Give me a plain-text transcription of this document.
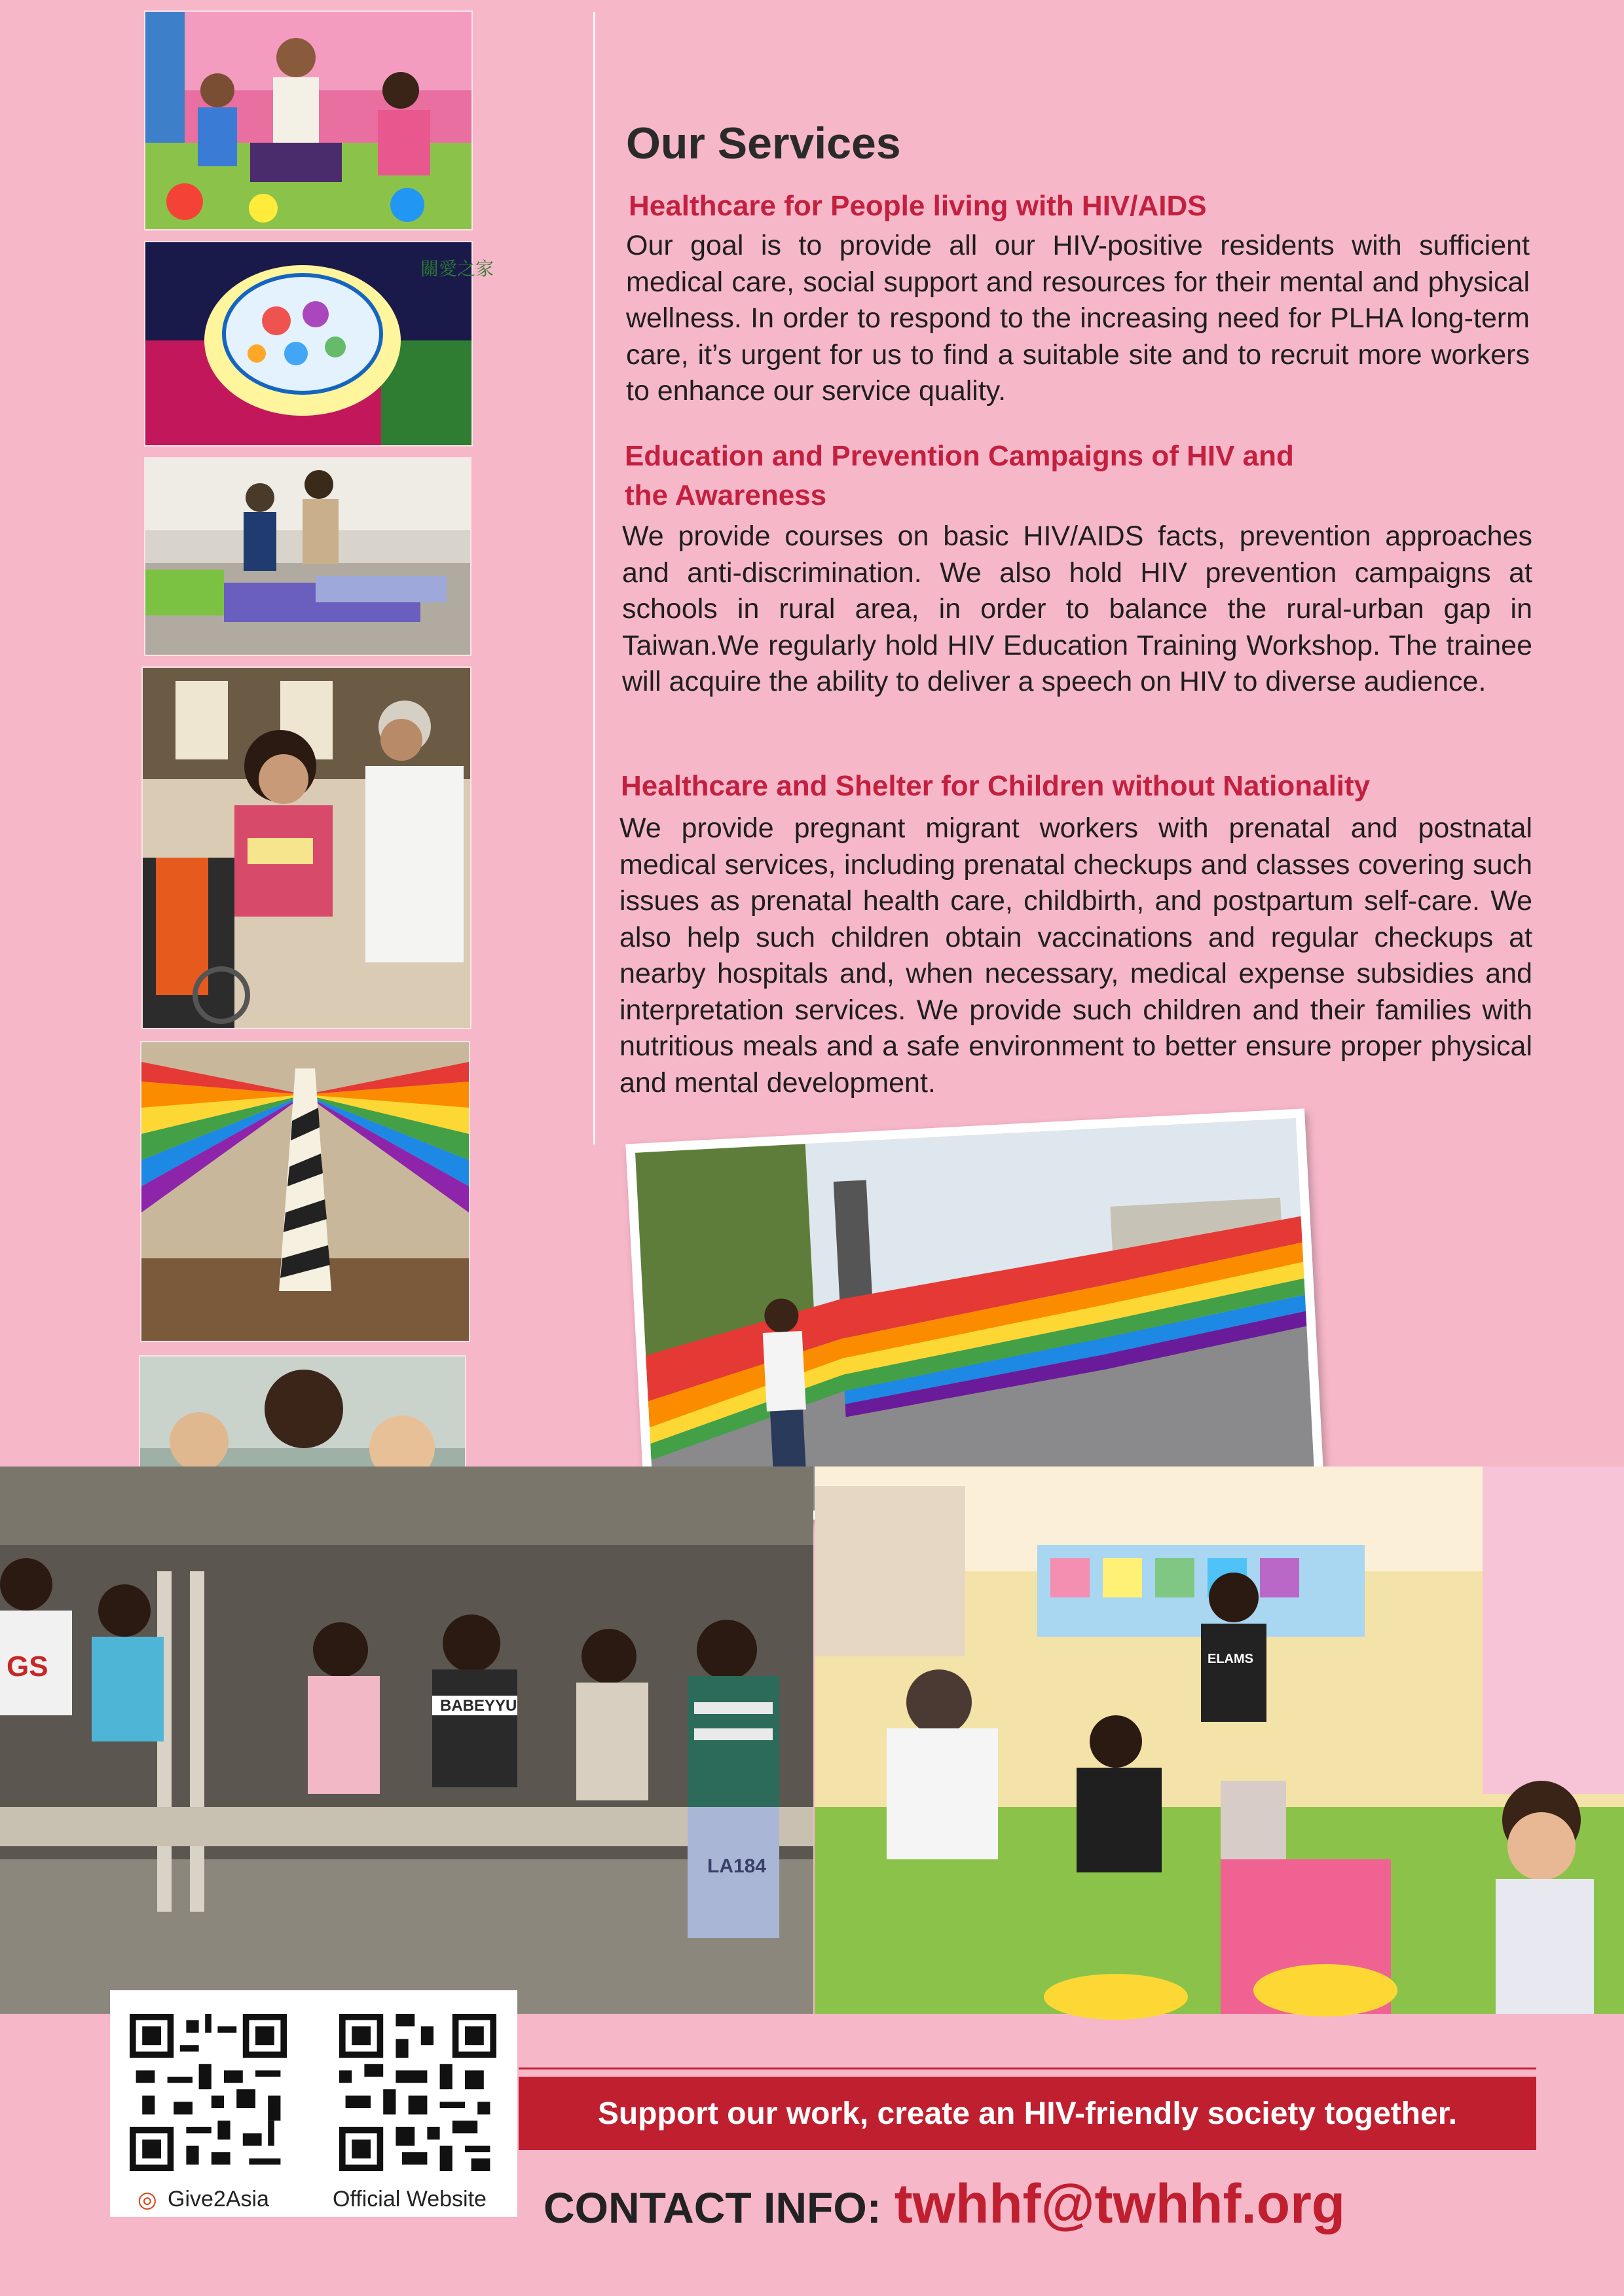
關愛之家
GS
BABEYYU
LA184
ELAMS
Our Services
Healthcare for People living with HIV/AIDS
Our goal is to provide all our HIV-positive residents with sufficient medical care, social support and resources for their mental and physical wellness. In order to respond to the increasing need for PLHA long-term care, it’s urgent for us to find a suitable site and to recruit more workers to enhance our service quality.
Education and Prevention Campaigns of HIV and
the Awareness
We provide courses on basic HIV/AIDS facts, prevention approaches and anti-discrimination. We also hold HIV prevention campaigns at schools in rural area, in order to balance the rural-urban gap in Taiwan.We regularly hold HIV Education Training Workshop. The trainee will acquire the ability to deliver a speech on HIV to diverse audience.
Healthcare and Shelter for Children without Nationality
We provide pregnant migrant workers with prenatal and postnatal medical services, including prenatal checkups and classes covering such issues as prenatal health care, childbirth, and postpartum self-care. We also help such children obtain vaccinations and regular checkups at nearby hospitals and, when necessary, medical expense subsidies and interpretation services. We provide such children and their families with nutritious meals and a safe environment to better ensure proper physical and mental development.
◎ Give2Asia	Official Website
Support our work, create an HIV-friendly society together.
CONTACT INFO: twhhf@twhhf.org
